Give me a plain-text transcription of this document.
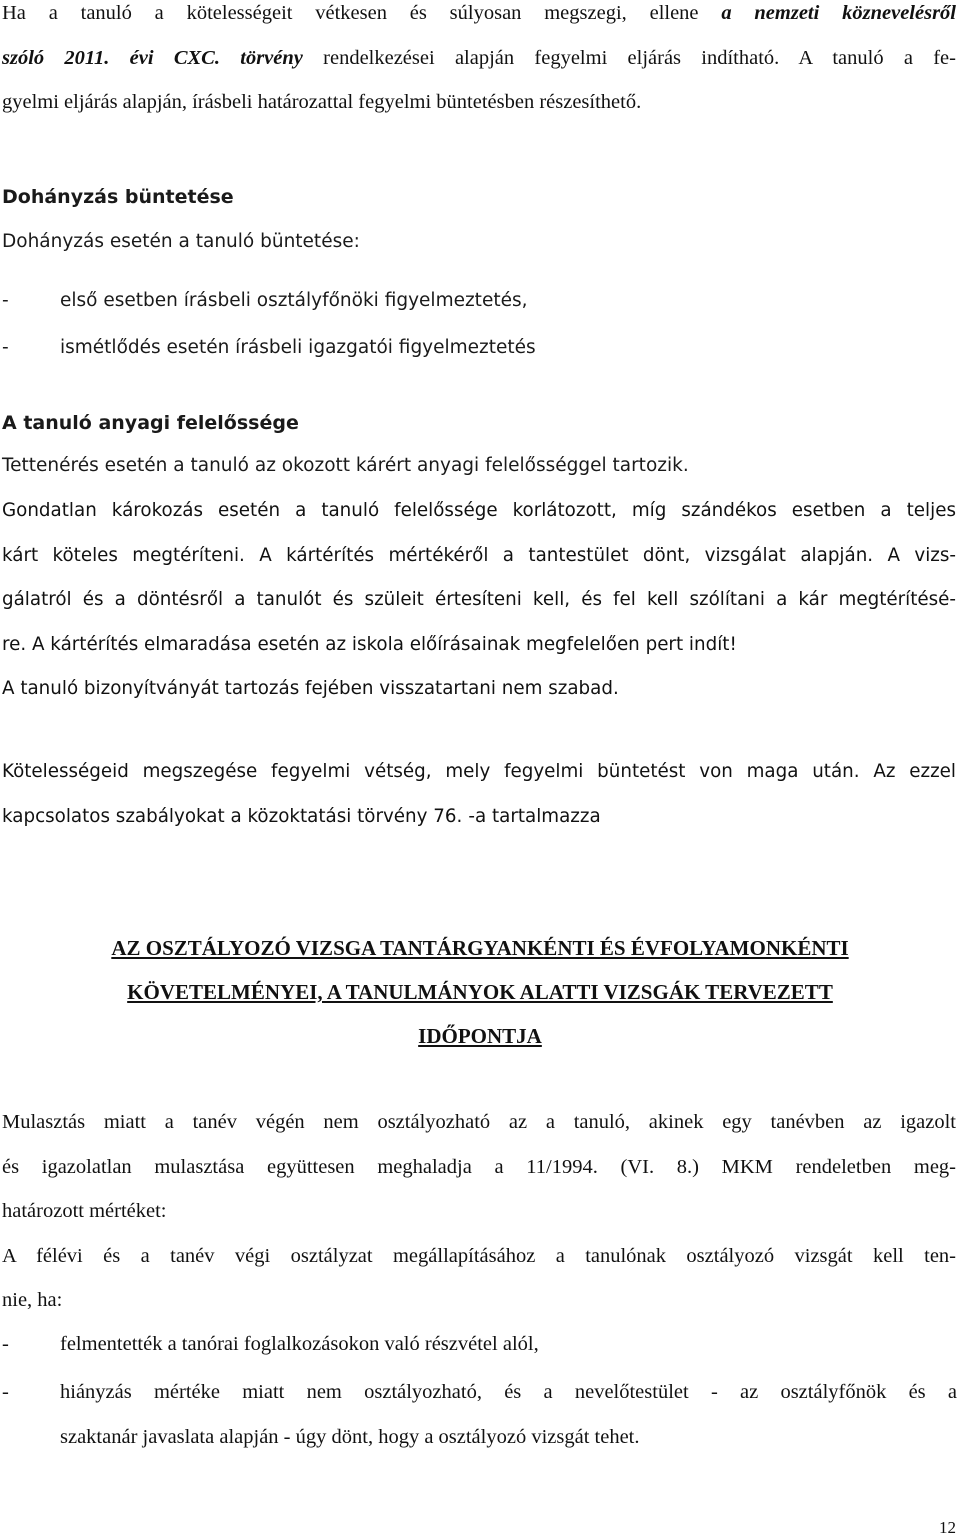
Ha a tanuló a kötelességeit vétkesen és súlyosan megszegi, ellene a nemzeti köznevelésről
szóló 2011. évi CXC. törvény rendelkezései alapján fegyelmi eljárás indítható. A tanuló a fe-
gyelmi eljárás alapján, írásbeli határozattal fegyelmi büntetésben részesíthető.
Dohányzás büntetése
Dohányzás esetén a tanuló büntetése:
-	első esetben írásbeli osztályfőnöki figyelmeztetés,
-	ismétlődés esetén írásbeli igazgatói figyelmeztetés
A tanuló anyagi felelőssége
Tettenérés esetén a tanuló az okozott kárért anyagi felelősséggel tartozik.
Gondatlan károkozás esetén a tanuló felelőssége korlátozott, míg szándékos esetben a teljes
kárt köteles megtéríteni. A kártérítés mértékéről a tantestület dönt, vizsgálat alapján. A vizs-
gálatról és a döntésről a tanulót és szüleit értesíteni kell, és fel kell szólítani a kár megtérítésé-
re. A kártérítés elmaradása esetén az iskola előírásainak megfelelően pert indít!
A tanuló bizonyítványát tartozás fejében visszatartani nem szabad.
Kötelességeid megszegése fegyelmi vétség, mely fegyelmi büntetést von maga után. Az ezzel
kapcsolatos szabályokat a közoktatási törvény 76. -a tartalmazza
AZ OSZTÁLYOZÓ VIZSGA TANTÁRGYANKÉNTI ÉS ÉVFOLYAMONKÉNTI
KÖVETELMÉNYEI, A TANULMÁNYOK ALATTI VIZSGÁK TERVEZETT
IDŐPONTJA
Mulasztás miatt a tanév végén nem osztályozható az a tanuló, akinek egy tanévben az igazolt
és igazolatlan mulasztása együttesen meghaladja a 11/1994. (VI. 8.) MKM rendeletben meg-
határozott mértéket:
A félévi és a tanév végi osztályzat megállapításához a tanulónak osztályozó vizsgát kell ten-
nie, ha:
- felmentették a tanórai foglalkozásokon való részvétel alól,
- hiányzás mértéke miatt nem osztályozható, és a nevelőtestület - az osztályfőnök és a
szaktanár javaslata alapján - úgy dönt, hogy a osztályozó vizsgát tehet.
12
